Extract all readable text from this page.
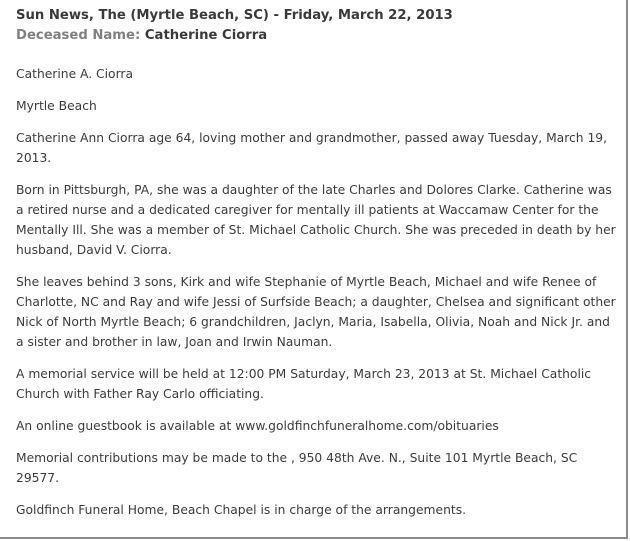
Sun News, The (Myrtle Beach, SC) - Friday, March 22, 2013
Deceased Name: Catherine Ciorra

Catherine A. Ciorra

Myrtle Beach

Catherine Ann Ciorra age 64, loving mother and grandmother, passed away Tuesday, March 19, 2013.

Born in Pittsburgh, PA, she was a daughter of the late Charles and Dolores Clarke. Catherine was a retired nurse and a dedicated caregiver for mentally ill patients at Waccamaw Center for the Mentally Ill. She was a member of St. Michael Catholic Church. She was preceded in death by her husband, David V. Ciorra.

She leaves behind 3 sons, Kirk and wife Stephanie of Myrtle Beach, Michael and wife Renee of Charlotte, NC and Ray and wife Jessi of Surfside Beach; a daughter, Chelsea and significant other Nick of North Myrtle Beach; 6 grandchildren, Jaclyn, Maria, Isabella, Olivia, Noah and Nick Jr. and a sister and brother in law, Joan and Irwin Nauman.

A memorial service will be held at 12:00 PM Saturday, March 23, 2013 at St. Michael Catholic Church with Father Ray Carlo officiating.

An online guestbook is available at www.goldfinchfuneralhome.com/obituaries

Memorial contributions may be made to the , 950 48th Ave. N., Suite 101 Myrtle Beach, SC 29577.

Goldfinch Funeral Home, Beach Chapel is in charge of the arrangements.
